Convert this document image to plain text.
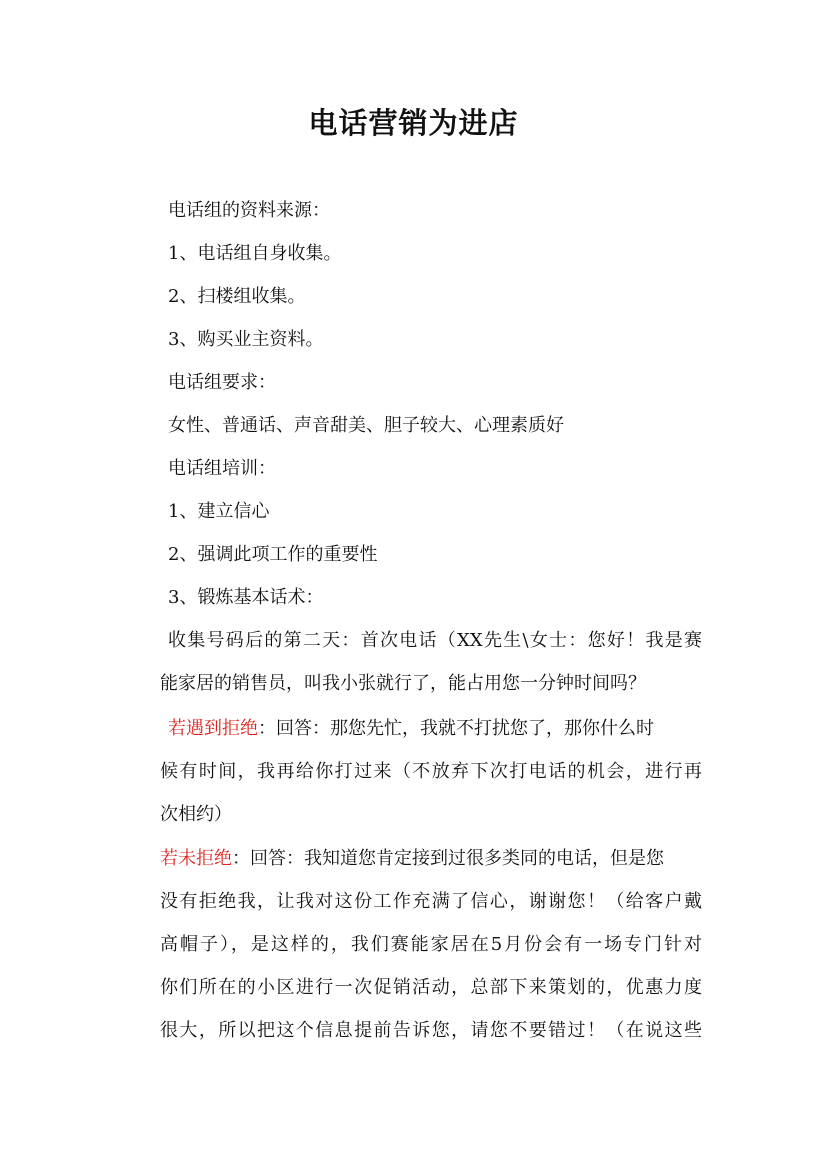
电话营销为进店
电话组的资料来源：
1、电话组自身收集。
2、扫楼组收集。
3、购买业主资料。
电话组要求：
女性、普通话、声音甜美、胆子较大、心理素质好
电话组培训：
1、建立信心
2、强调此项工作的重要性
3、锻炼基本话术：
收集号码后的第二天：首次电话（XX先生\女士：您好！我是赛
能家居的销售员，叫我小张就行了，能占用您一分钟时间吗？
若遇到拒绝：回答：那您先忙，我就不打扰您了，那你什么时
候有时间，我再给你打过来（不放弃下次打电话的机会，进行再
次相约）
若未拒绝：回答：我知道您肯定接到过很多类同的电话，但是您
没有拒绝我，让我对这份工作充满了信心，谢谢您！（给客户戴
高帽子），是这样的，我们赛能家居在5月份会有一场专门针对
你们所在的小区进行一次促销活动，总部下来策划的，优惠力度
很大，所以把这个信息提前告诉您，请您不要错过！（在说这些
